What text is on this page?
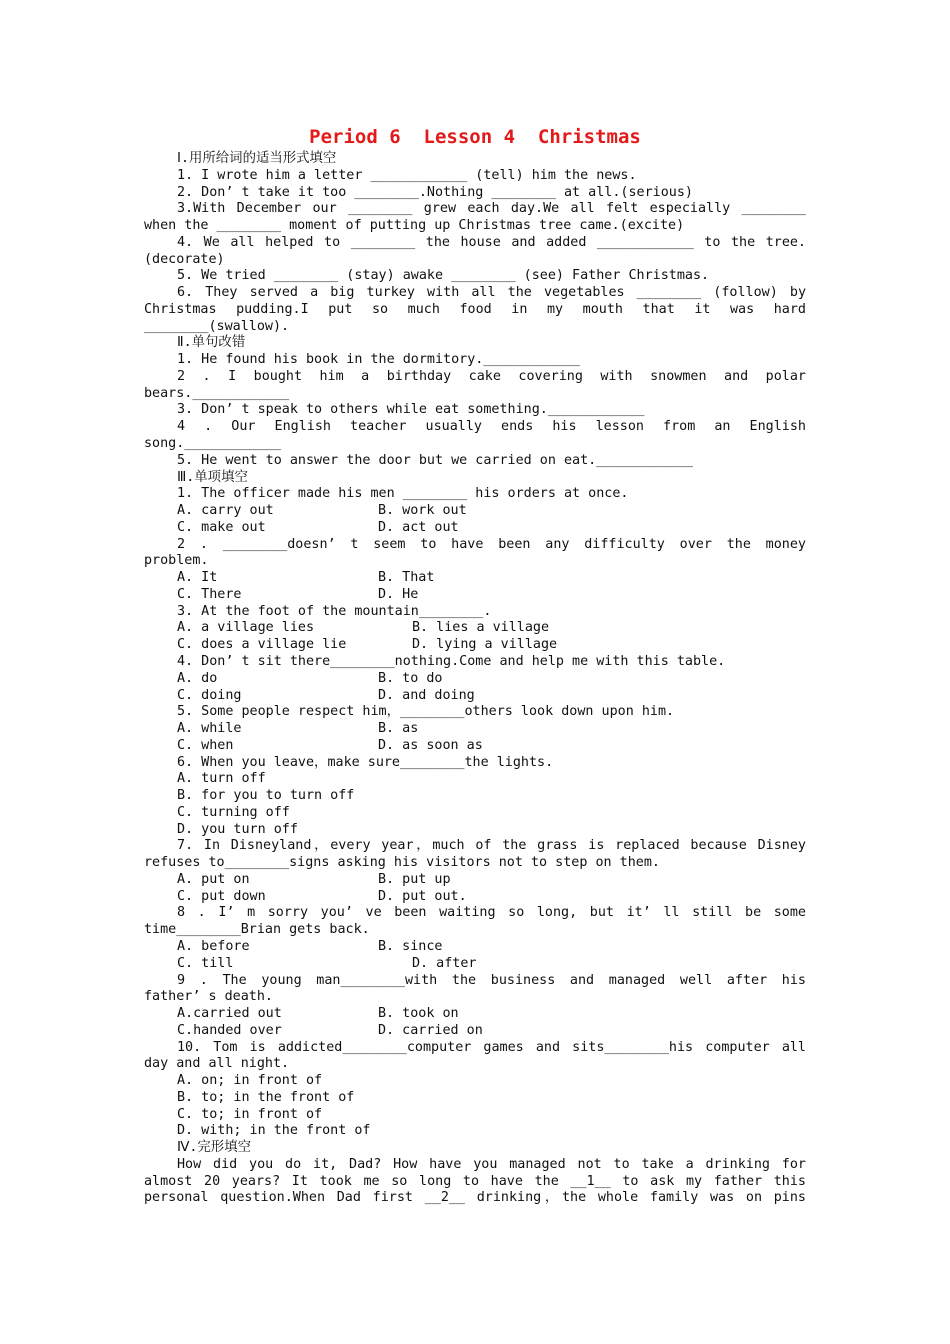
Period 6  Lesson 4  Christmas
Ⅰ.用所给词的适当形式填空
1. I wrote him a letter ____________ (tell) him the news.
2. Don’ t take it too ________.Nothing ________ at all.(serious)
3.With December our ________ grew each day.We all felt especially ________
when the ________ moment of putting up Christmas tree came.(excite)
4. We all helped to ________ the house and added ____________ to the tree.
(decorate)
5. We tried ________ (stay) awake ________ (see) Father Christmas.
6. They served a big turkey with all the vegetables ________ (follow) by
Christmas pudding.I put so much food in my mouth that it was hard
________(swallow).
Ⅱ.单句改错
1. He found his book in the dormitory.____________
2 . I bought him a birthday cake covering with snowmen and polar
bears.____________
3. Don’ t speak to others while eat something.____________
4 . Our English teacher usually ends his lesson from an English
song.____________
5. He went to answer the door but we carried on eat.____________
Ⅲ.单项填空
1. The officer made his men ________ his orders at once.
A. carry out	B. work out
C. make out	D. act out
2 . ________doesn’ t seem to have been any difficulty over the money
problem.
A. It	B. That
C. There	D. He
3. At the foot of the mountain________.
A. a village lies	B. lies a village
C. does a village lie	D. lying a village
4. Don’ t sit there________nothing.Come and help me with this table.
A. do	B. to do
C. doing	D. and doing
5. Some people respect him，________others look down upon him.
A. while	B. as
C. when	D. as soon as
6. When you leave，make sure________the lights.
A. turn off
B. for you to turn off
C. turning off
D. you turn off
7. In Disneyland，every year，much of the grass is replaced because Disney
refuses to________signs asking his visitors not to step on them.
A. put on	B. put up
C. put down	D. put out.
8 . I’ m sorry you’ ve been waiting so long, but it’ ll still be some
time________Brian gets back.
A. before	B. since
C. till	D. after
9 . The young man________with the business and managed well after his
father’ s death.
A.carried out	B. took on
C.handed over	D. carried on
10. Tom is addicted________computer games and sits________his computer all
day and all night.
A. on; in front of
B. to; in the front of
C. to; in front of
D. with; in the front of
Ⅳ.完形填空
How did you do it, Dad? How have you managed not to take a drinking for
almost 20 years? It took me so long to have the __1__ to ask my father this
personal question.When Dad first __2__ drinking，the whole family was on pins
